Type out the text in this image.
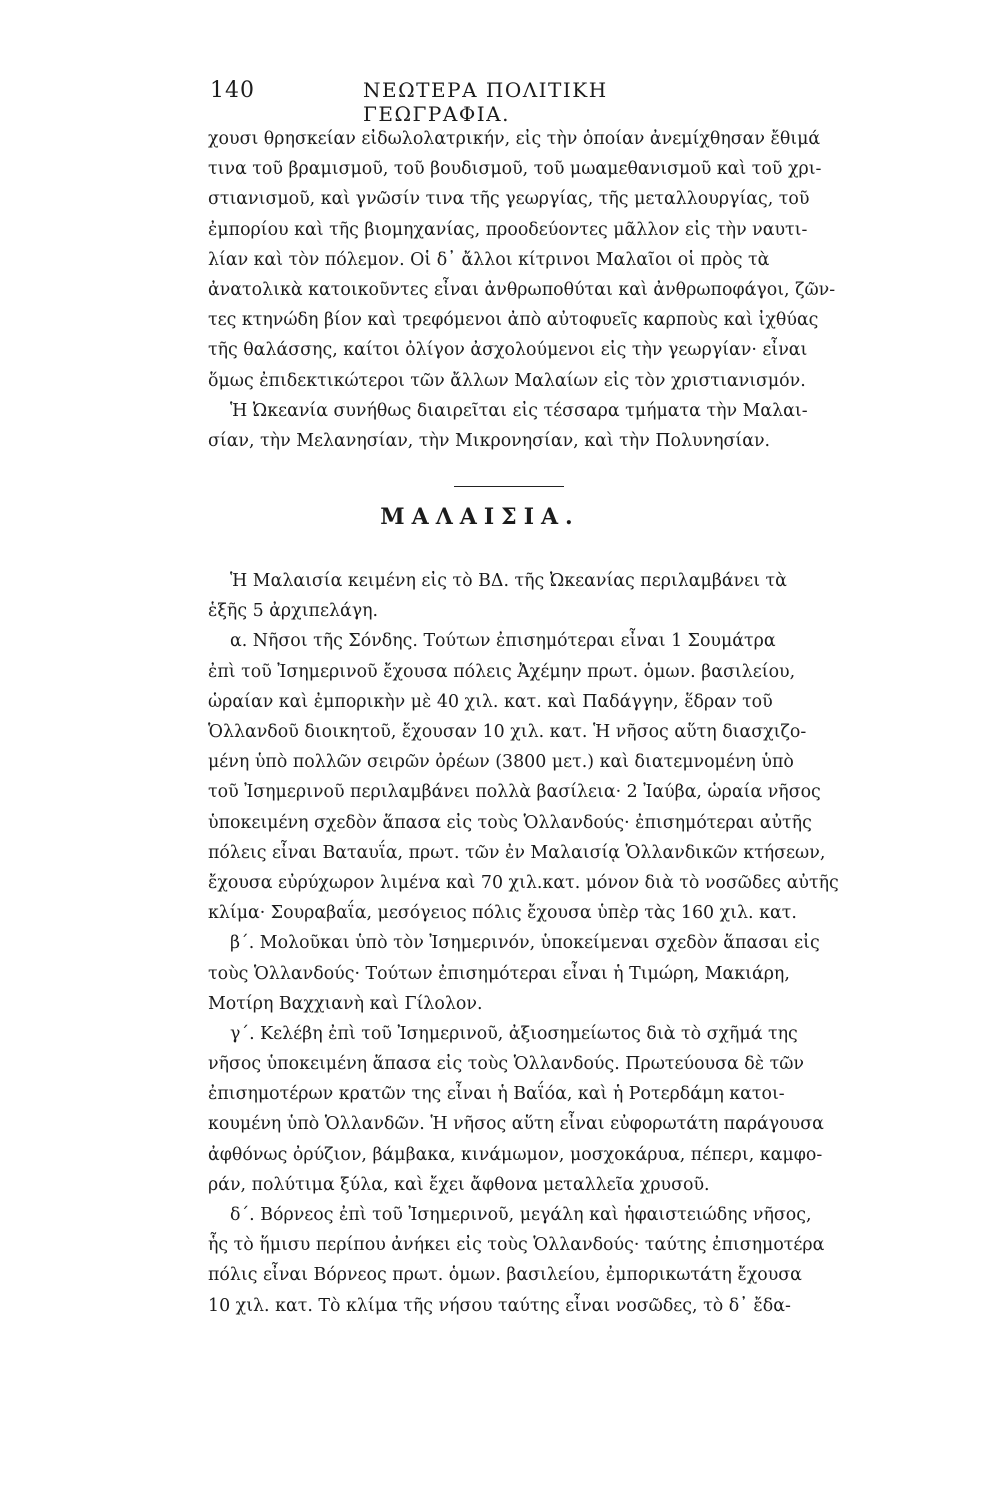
140	ΝΕΩΤΕΡΑ ΠΟΛΙΤΙΚΗ ΓΕΩΓΡΑΦΙΑ.
χουσι θρησκείαν εἰδωλολατρικήν, εἰς τὴν ὁποίαν ἀνεμίχθησαν ἔθιμά
τινα τοῦ βραμισμοῦ, τοῦ βουδισμοῦ, τοῦ μωαμεθανισμοῦ καὶ τοῦ χρι-
στιανισμοῦ, καὶ γνῶσίν τινα τῆς γεωργίας, τῆς μεταλλουργίας, τοῦ
ἐμπορίου καὶ τῆς βιομηχανίας, προοδεύοντες μᾶλλον εἰς τὴν ναυτι-
λίαν καὶ τὸν πόλεμον. Οἱ δ᾽ ἄλλοι κίτρινοι Μαλαῖοι οἱ πρὸς τὰ
ἀνατολικὰ κατοικοῦντες εἶναι ἀνθρωποθύται καὶ ἀνθρωποφάγοι, ζῶν-
τες κτηνώδη βίον καὶ τρεφόμενοι ἀπὸ αὐτοφυεῖς καρποὺς καὶ ἰχθύας
τῆς θαλάσσης, καίτοι ὀλίγον ἀσχολούμενοι εἰς τὴν γεωργίαν· εἶναι
ὅμως ἐπιδεκτικώτεροι τῶν ἄλλων Μαλαίων εἰς τὸν χριστιανισμόν.
Ἡ Ὠκεανία συνήθως διαιρεῖται εἰς τέσσαρα τμήματα τὴν Μαλαι-
σίαν, τὴν Μελανησίαν, τὴν Μικρονησίαν, καὶ τὴν Πολυνησίαν.
ΜΑΛΑΙΣΙΑ.
Ἡ Μαλαισία κειμένη εἰς τὸ ΒΔ. τῆς Ὠκεανίας περιλαμβάνει τὰ
ἑξῆς 5 ἀρχιπελάγη.
α. Νῆσοι τῆς Σόνδης. Τούτων ἐπισημότεραι εἶναι 1 Σουμάτρα
ἐπὶ τοῦ Ἰσημερινοῦ ἔχουσα πόλεις Ἀχέμην πρωτ. ὁμων. βασιλείου,
ὡραίαν καὶ ἐμπορικὴν μὲ 40 χιλ. κατ. καὶ Παδάγγην, ἕδραν τοῦ
Ὁλλανδοῦ διοικητοῦ, ἔχουσαν 10 χιλ. κατ. Ἡ νῆσος αὕτη διασχιζο-
μένη ὑπὸ πολλῶν σειρῶν ὀρέων (3800 μετ.) καὶ διατεμνομένη ὑπὸ
τοῦ Ἰσημερινοῦ περιλαμβάνει πολλὰ βασίλεια· 2 Ἰαύβα, ὡραία νῆσος
ὑποκειμένη σχεδὸν ἅπασα εἰς τοὺς Ὁλλανδούς· ἐπισημότεραι αὐτῆς
πόλεις εἶναι Βαταυΐα, πρωτ. τῶν ἐν Μαλαισίᾳ Ὁλλανδικῶν κτήσεων,
ἔχουσα εὐρύχωρον λιμένα καὶ 70 χιλ.κατ. μόνον διὰ τὸ νοσῶδες αὐτῆς
κλίμα· Σουραβαΐα, μεσόγειος πόλις ἔχουσα ὑπὲρ τὰς 160 χιλ. κατ.
β΄. Μολοῦκαι ὑπὸ τὸν Ἰσημερινόν, ὑποκείμεναι σχεδὸν ἅπασαι εἰς
τοὺς Ὁλλανδούς· Τούτων ἐπισημότεραι εἶναι ἡ Τιμώρη, Μακιάρη,
Μοτίρη Βαχχιανὴ καὶ Γίλολον.
γ΄. Κελέβη ἐπὶ τοῦ Ἰσημερινοῦ, ἀξιοσημείωτος διὰ τὸ σχῆμά της
νῆσος ὑποκειμένη ἅπασα εἰς τοὺς Ὁλλανδούς. Πρωτεύουσα δὲ τῶν
ἐπισημοτέρων κρατῶν της εἶναι ἡ Βαΐόα, καὶ ἡ Ροτερδάμη κατοι-
κουμένη ὑπὸ Ὁλλανδῶν. Ἡ νῆσος αὕτη εἶναι εὐφορωτάτη παράγουσα
ἀφθόνως ὀρύζιον, βάμβακα, κινάμωμον, μοσχοκάρυα, πέπερι, καμφο-
ράν, πολύτιμα ξύλα, καὶ ἔχει ἄφθονα μεταλλεῖα χρυσοῦ.
δ΄. Βόρνεος ἐπὶ τοῦ Ἰσημερινοῦ, μεγάλη καὶ ἡφαιστειώδης νῆσος,
ἧς τὸ ἥμισυ περίπου ἀνήκει εἰς τοὺς Ὁλλανδούς· ταύτης ἐπισημοτέρα
πόλις εἶναι Βόρνεος πρωτ. ὁμων. βασιλείου, ἐμπορικωτάτη ἔχουσα
10 χιλ. κατ. Τὸ κλίμα τῆς νήσου ταύτης εἶναι νοσῶδες, τὸ δ᾽ ἔδα-
